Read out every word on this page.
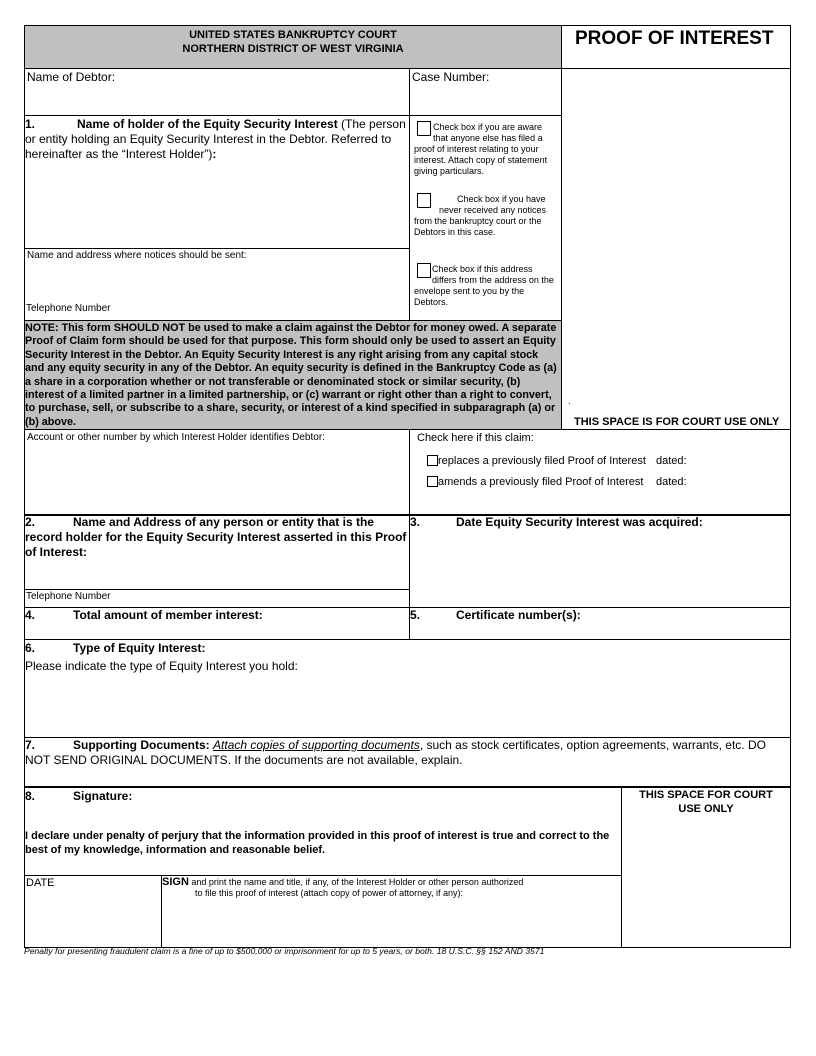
UNITED STATES BANKRUPTCY COURT
NORTHERN DISTRICT OF WEST VIRGINIA	PROOF OF INTEREST
Name of Debtor:	Case Number:
.
THIS SPACE IS FOR COURT USE ONLY
1.	Name of holder of the Equity Security Interest (The person or entity holding an Equity Security Interest in the Debtor. Referred to hereinafter as the “Interest Holder”):
Name and address where notices should be sent:
Telephone Number
Check box if you are aware that anyone else has filed a proof of interest relating to your interest. Attach copy of statement giving particulars.
Check box if you have never received any notices from the bankruptcy court or the Debtors in this case.
Check box if this address differs from the address on the envelope sent to you by the Debtors.
NOTE: This form SHOULD NOT be used to make a claim against the Debtor for money owed. A separate Proof of Claim form should be used for that purpose. This form should only be used to assert an Equity Security Interest in the Debtor. An Equity Security Interest is any right arising from any capital stock and any equity security in any of the Debtor. An equity security is defined in the Bankruptcy Code as (a) a share in a corporation whether or not transferable or denominated stock or similar security, (b) interest of a limited partner in a limited partnership, or (c) warrant or right other than a right to convert, to purchase, sell, or subscribe to a share, security, or interest of a kind specified in subparagraph (a) or (b) above.
Account or other number by which Interest Holder identifies Debtor:	Check here if this claim:
replaces a previously filed Proof of Interest dated:
amends a previously filed Proof of Interest dated:
2.	Name and Address of any person or entity that is the record holder for the Equity Security Interest asserted in this Proof of Interest:
Telephone Number
3.	Date Equity Security Interest was acquired:
4.	Total amount of member interest:	5.	Certificate number(s):
6.	Type of Equity Interest:
Please indicate the type of Equity Interest you hold:
7.	Supporting Documents: Attach copies of supporting documents, such as stock certificates, option agreements, warrants, etc. DO NOT SEND ORIGINAL DOCUMENTS. If the documents are not available, explain.
8.	Signature:
I declare under penalty of perjury that the information provided in this proof of interest is true and correct to the best of my knowledge, information and reasonable belief.
THIS SPACE FOR COURT
USE ONLY
DATE	SIGN and print the name and title, if any, of the Interest Holder or other person authorized
to file this proof of interest (attach copy of power of attorney, if any):
Penalty for presenting fraudulent claim is a fine of up to $500,000 or imprisonment for up to 5 years, or both. 18 U.S.C. §§ 152 AND 3571
